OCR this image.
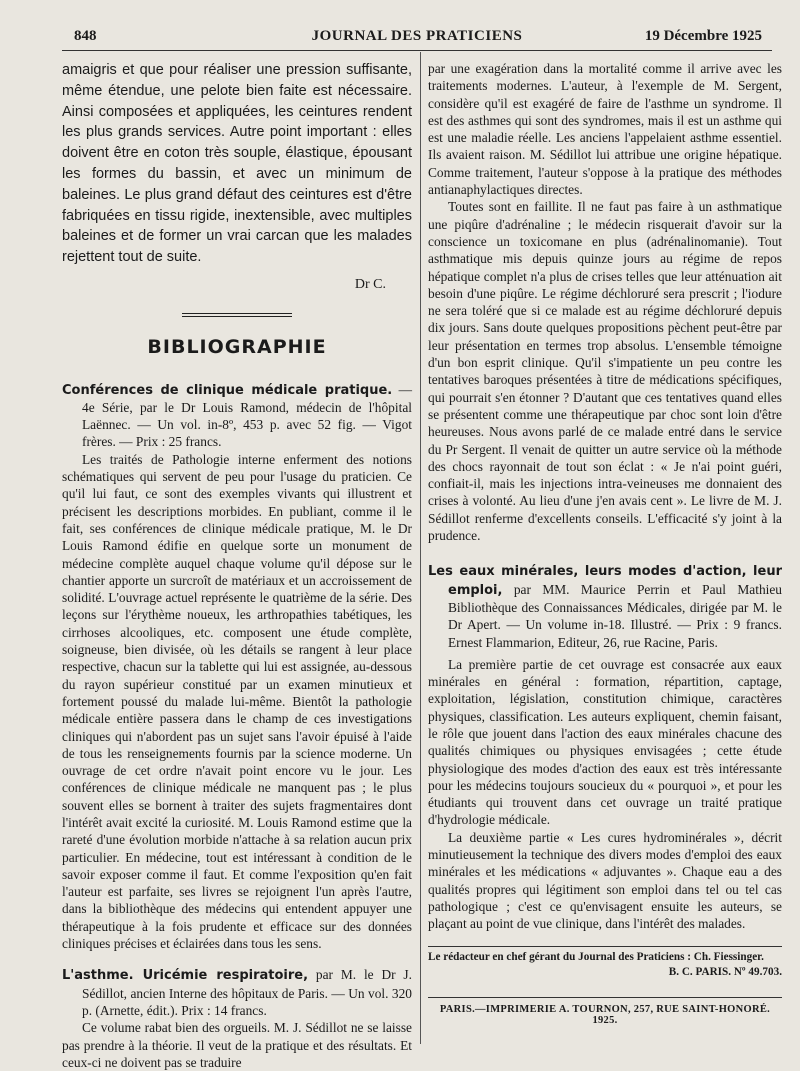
848	JOURNAL DES PRATICIENS	19 Décembre 1925

amaigris et que pour réaliser une pression suffisante, même étendue, une pelote bien faite est nécessaire. Ainsi composées et appliquées, les ceintures rendent les plus grands services. Autre point important : elles doivent être en coton très souple, élastique, épousant les formes du bassin, et avec un minimum de baleines. Le plus grand défaut des ceintures est d'être fabriquées en tissu rigide, inextensible, avec multiples baleines et de former un vrai carcan que les malades rejettent tout de suite.

Dr C.
BIBLIOGRAPHIE

Conférences de clinique médicale pratique. — 4e Série, par le Dr Louis Ramond, médecin de l'hôpital Laënnec. — Un vol. in-8º, 453 p. avec 52 fig. — Vigot frères. — Prix : 25 francs.

Les traités de Pathologie interne enferment des notions schématiques qui servent de peu pour l'usage du praticien. Ce qu'il lui faut, ce sont des exemples vivants qui illustrent et précisent les descriptions morbides. En publiant, comme il le fait, ses conférences de clinique médicale pratique, M. le Dr Louis Ramond édifie en quelque sorte un monument de médecine complète auquel chaque volume qu'il dépose sur le chantier apporte un surcroît de matériaux et un accroissement de solidité. L'ouvrage actuel représente le quatrième de la série. Des leçons sur l'érythème noueux, les arthropathies tabétiques, les cirrhoses alcooliques, etc. composent une étude complète, soigneuse, bien divisée, où les détails se rangent à leur place respective, chacun sur la tablette qui lui est assignée, au-dessous du rayon supérieur constitué par un examen minutieux et fortement poussé du malade lui-même. Bientôt la pathologie médicale entière passera dans le champ de ces investigations cliniques qui n'abordent pas un sujet sans l'avoir épuisé à l'aide de tous les renseignements fournis par la science moderne. Un ouvrage de cet ordre n'avait point encore vu le jour. Les conférences de clinique médicale ne manquent pas ; le plus souvent elles se bornent à traiter des sujets fragmentaires dont l'intérêt avait excité la curiosité. M. Louis Ramond estime que la rareté d'une évolution morbide n'attache à sa relation aucun prix particulier. En médecine, tout est intéressant à condition de le savoir exposer comme il faut. Et comme l'exposition qu'en fait l'auteur est parfaite, ses livres se rejoignent l'un après l'autre, dans la bibliothèque des médecins qui entendent appuyer une thérapeutique à la fois prudente et efficace sur des données cliniques précises et éclairées dans tous les sens.

L'asthme. Uricémie respiratoire, par M. le Dr J. Sédillot, ancien Interne des hôpitaux de Paris. — Un vol. 320 p. (Arnette, édit.). Prix : 14 francs.

Ce volume rabat bien des orgueils. M. J. Sédillot ne se laisse pas prendre à la théorie. Il veut de la pratique et des résultats. Et ceux-ci ne doivent pas se traduire

par une exagération dans la mortalité comme il arrive avec les traitements modernes. L'auteur, à l'exemple de M. Sergent, considère qu'il est exagéré de faire de l'asthme un syndrome. Il est des asthmes qui sont des syndromes, mais il est un asthme qui est une maladie réelle. Les anciens l'appelaient asthme essentiel. Ils avaient raison. M. Sédillot lui attribue une origine hépatique. Comme traitement, l'auteur s'oppose à la pratique des méthodes antianaphylactiques directes.

Toutes sont en faillite. Il ne faut pas faire à un asthmatique une piqûre d'adrénaline ; le médecin risquerait d'avoir sur la conscience un toxicomane en plus (adrénalinomanie). Tout asthmatique mis depuis quinze jours au régime de repos hépatique complet n'a plus de crises telles que leur atténuation ait besoin d'une piqûre. Le régime déchloruré sera prescrit ; l'iodure ne sera toléré que si ce malade est au régime déchloruré depuis dix jours. Sans doute quelques propositions pèchent peut-être par leur présentation en termes trop absolus. L'ensemble témoigne d'un bon esprit clinique. Qu'il s'impatiente un peu contre les tentatives baroques présentées à titre de médications spécifiques, qui pourrait s'en étonner ? D'autant que ces tentatives quand elles se présentent comme une thérapeutique par choc sont loin d'être heureuses. Nous avons parlé de ce malade entré dans le service du Pr Sergent. Il venait de quitter un autre service où la méthode des chocs rayonnait de tout son éclat : « Je n'ai point guéri, confiait-il, mais les injections intra-veineuses me donnaient des crises à volonté. Au lieu d'une j'en avais cent ». Le livre de M. J. Sédillot renferme d'excellents conseils. L'efficacité s'y joint à la prudence.

Les eaux minérales, leurs modes d'action, leur emploi, par MM. Maurice Perrin et Paul Mathieu Bibliothèque des Connaissances Médicales, dirigée par M. le Dr Apert. — Un volume in-18. Illustré. — Prix : 9 francs. Ernest Flammarion, Editeur, 26, rue Racine, Paris.

La première partie de cet ouvrage est consacrée aux eaux minérales en général : formation, répartition, captage, exploitation, législation, constitution chimique, caractères physiques, classification. Les auteurs expliquent, chemin faisant, le rôle que jouent dans l'action des eaux minérales chacune des qualités chimiques ou physiques envisagées ; cette étude physiologique des modes d'action des eaux est très intéressante pour les médecins toujours soucieux du « pourquoi », et pour les étudiants qui trouvent dans cet ouvrage un traité pratique d'hydrologie médicale.

La deuxième partie « Les cures hydrominérales », décrit minutieusement la technique des divers modes d'emploi des eaux minérales et les médications « adjuvantes ». Chaque eau a des qualités propres qui légitiment son emploi dans tel ou tel cas pathologique ; c'est ce qu'envisagent ensuite les auteurs, se plaçant au point de vue clinique, dans l'intérêt des malades.

Le rédacteur en chef gérant du Journal des Praticiens : Ch. Fiessinger.
B. C. PARIS. Nº 49.703.
PARIS.—IMPRIMERIE A. TOURNON, 257, RUE SAINT-HONORÉ. 1925.
